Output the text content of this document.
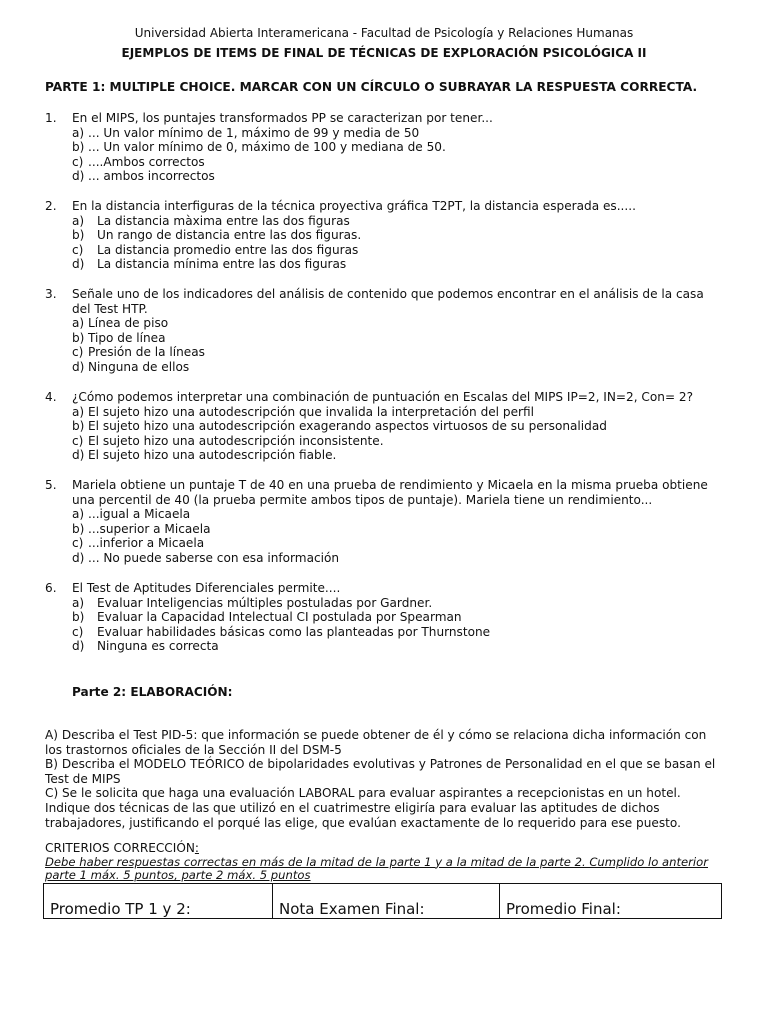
Universidad Abierta Interamericana - Facultad de Psicología y Relaciones Humanas
EJEMPLOS DE ITEMS DE FINAL DE TÉCNICAS DE EXPLORACIÓN PSICOLÓGICA II
PARTE 1: MULTIPLE CHOICE. MARCAR CON UN CÍRCULO O SUBRAYAR LA RESPUESTA CORRECTA.
1. En el MIPS, los puntajes transformados PP se caracterizan por tener...
a) ... Un valor mínimo de 1, máximo de 99 y media de 50
b) ... Un valor mínimo de 0, máximo de 100 y mediana de 50.
c) ....Ambos correctos
d) ... ambos incorrectos
2. En la distancia interfiguras de la técnica proyectiva gráfica T2PT, la distancia esperada es.....
a)	La distancia màxima entre las dos figuras
b)	Un rango de distancia entre las dos figuras.
c)	La distancia promedio entre las dos figuras
d)	La distancia mínima entre las dos figuras
3. Señale uno de los indicadores del análisis de contenido que podemos encontrar en el análisis de la casa del Test HTP.
a) Línea de piso
b) Tipo de línea
c) Presión de la líneas
d) Ninguna de ellos
4. ¿Cómo podemos interpretar una combinación de puntuación en Escalas del MIPS IP=2, IN=2, Con= 2?
a) El sujeto hizo una autodescripción que invalida la interpretación del perfil
b) El sujeto hizo una autodescripción exagerando aspectos virtuosos de su personalidad
c) El sujeto hizo una autodescripción inconsistente.
d) El sujeto hizo una autodescripción fiable.
5. Mariela obtiene un puntaje T de 40 en una prueba de rendimiento y Micaela en la misma prueba obtiene una percentil de 40 (la prueba permite ambos tipos de puntaje). Mariela tiene un rendimiento...
a) ...igual a Micaela
b) ...superior a Micaela
c) ...inferior a Micaela
d) ... No puede saberse con esa información
6. El Test de Aptitudes Diferenciales permite....
a)	Evaluar Inteligencias múltiples postuladas por Gardner.
b)	Evaluar la Capacidad Intelectual CI postulada por Spearman
c)	Evaluar habilidades básicas como las planteadas por Thurnstone
d)	Ninguna es correcta
Parte 2: ELABORACIÓN:
A) Describa el Test PID-5: que información se puede obtener de él y cómo se relaciona dicha información con los trastornos oficiales de la Sección II del DSM-5
B) Describa el MODELO TEÓRICO de bipolaridades evolutivas y Patrones de Personalidad en el que se basan el Test de MIPS
C) Se le solicita que haga una evaluación LABORAL para evaluar aspirantes a recepcionistas en un hotel. Indique dos técnicas de las que utilizó en el cuatrimestre eligiría para evaluar las aptitudes de dichos trabajadores, justificando el porqué las elige, que evalúan exactamente de lo requerido para ese puesto.
CRITERIOS CORRECCIÓN:
Debe haber respuestas correctas en más de la mitad de la parte 1 y a la mitad de la parte 2. Cumplido lo anterior parte 1 máx. 5 puntos, parte 2 máx. 5 puntos
Promedio TP 1 y 2:	Nota Examen Final:	Promedio Final:
